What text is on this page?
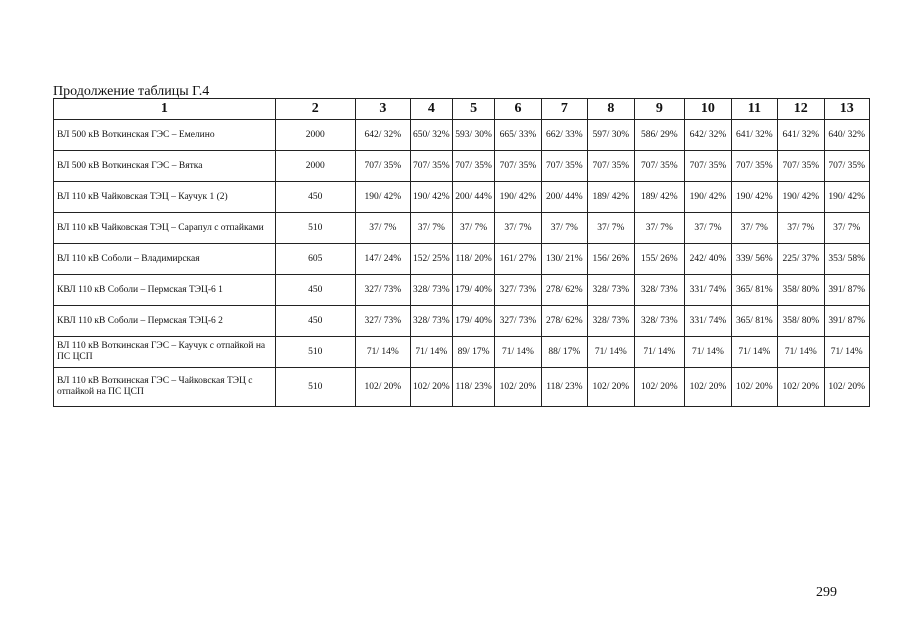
Продолжение таблицы Г.4
1	2	3	4	5	6	7	8	9	10	11	12	13
ВЛ 500 кВ Воткинская ГЭС – Емелино	2000	642/ 32%	650/ 32%	593/ 30%	665/ 33%	662/ 33%	597/ 30%	586/ 29%	642/ 32%	641/ 32%	641/ 32%	640/ 32%
ВЛ 500 кВ Воткинская ГЭС – Вятка	2000	707/ 35%	707/ 35%	707/ 35%	707/ 35%	707/ 35%	707/ 35%	707/ 35%	707/ 35%	707/ 35%	707/ 35%	707/ 35%
ВЛ 110 кВ Чайковская ТЭЦ – Каучук 1 (2)	450	190/ 42%	190/ 42%	200/ 44%	190/ 42%	200/ 44%	189/ 42%	189/ 42%	190/ 42%	190/ 42%	190/ 42%	190/ 42%
ВЛ 110 кВ Чайковская ТЭЦ – Сарапул с отпайками	510	37/ 7%	37/ 7%	37/ 7%	37/ 7%	37/ 7%	37/ 7%	37/ 7%	37/ 7%	37/ 7%	37/ 7%	37/ 7%
ВЛ 110 кВ Соболи – Владимирская	605	147/ 24%	152/ 25%	118/ 20%	161/ 27%	130/ 21%	156/ 26%	155/ 26%	242/ 40%	339/ 56%	225/ 37%	353/ 58%
КВЛ 110 кВ Соболи – Пермская ТЭЦ-6 1	450	327/ 73%	328/ 73%	179/ 40%	327/ 73%	278/ 62%	328/ 73%	328/ 73%	331/ 74%	365/ 81%	358/ 80%	391/ 87%
КВЛ 110 кВ Соболи – Пермская ТЭЦ-6 2	450	327/ 73%	328/ 73%	179/ 40%	327/ 73%	278/ 62%	328/ 73%	328/ 73%	331/ 74%	365/ 81%	358/ 80%	391/ 87%
ВЛ 110 кВ Воткинская ГЭС – Каучук с отпайкой на ПС ЦСП	510	71/ 14%	71/ 14%	89/ 17%	71/ 14%	88/ 17%	71/ 14%	71/ 14%	71/ 14%	71/ 14%	71/ 14%	71/ 14%
ВЛ 110 кВ Воткинская ГЭС – Чайковская ТЭЦ с отпайкой на ПС ЦСП	510	102/ 20%	102/ 20%	118/ 23%	102/ 20%	118/ 23%	102/ 20%	102/ 20%	102/ 20%	102/ 20%	102/ 20%	102/ 20%
299
